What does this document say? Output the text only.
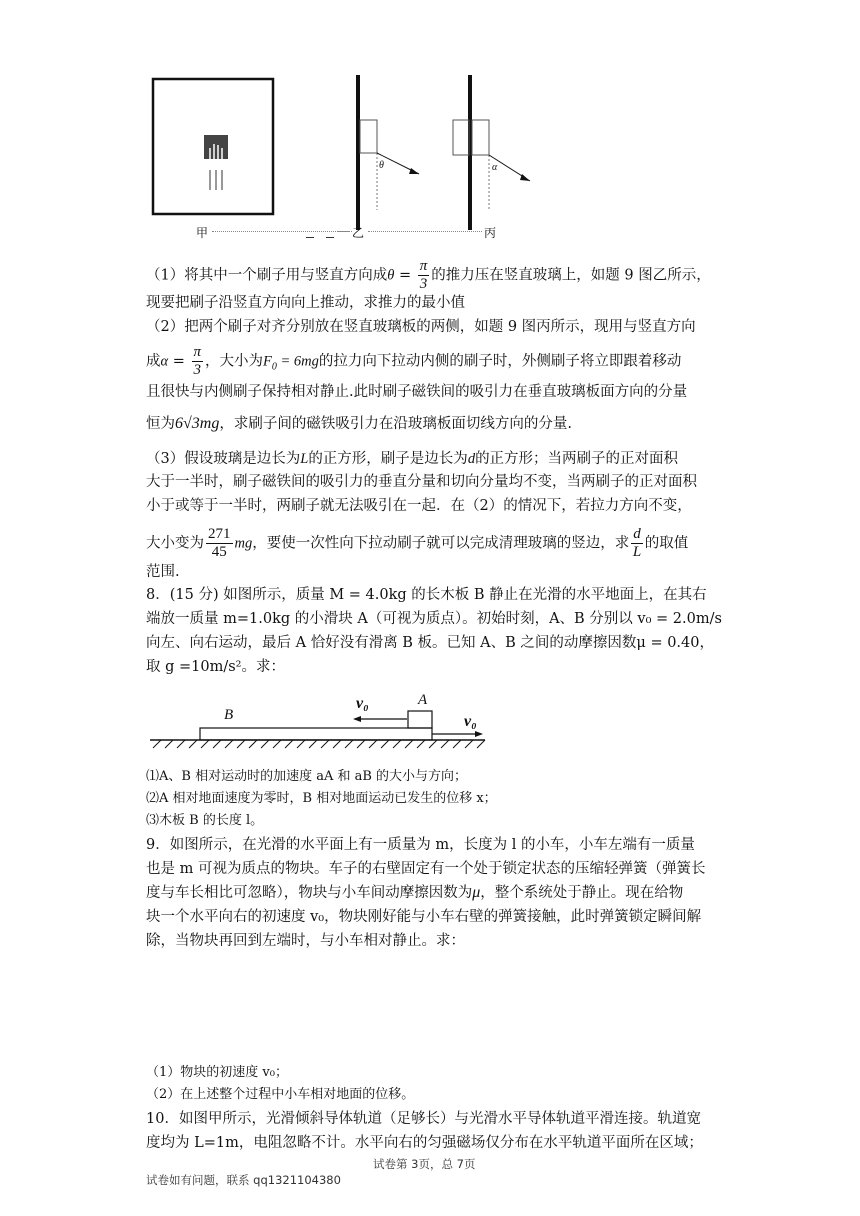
θ	α
甲	乙	丙
（1）将其中一个刷子用与竖直方向成$\theta = \frac{\pi}{3}$ 的推力压在竖直玻璃上，如题 9 图乙所示，
现要把刷子沿竖直方向向上推动，求推力的最小值
（2）把两个刷子对齐分别放在竖直玻璃板的两侧，如题 9 图丙所示，现用与竖直方向
成$\alpha = \frac{\pi}{3}$ ，大小为$F_0 = 6mg$的拉力向下拉动内侧的刷子时，外侧刷子将立即跟着移动
且很快与内侧刷子保持相对静止.此时刷子磁铁间的吸引力在垂直玻璃板面方向的分量
恒为6√3mg，求刷子间的磁铁吸引力在沿玻璃板面切线方向的分量.
（3）假设玻璃是边长为L的正方形，刷子是边长为d的正方形；当两刷子的正对面积
大于一半时，刷子磁铁间的吸引力的垂直分量和切向分量均不变，当两刷子的正对面积
小于或等于一半时，两刷子就无法吸引在一起．在（2）的情况下，若拉力方向不变，
大小变为 $\frac{271}{45}$ mg，要使一次性向下拉动刷子就可以完成清理玻璃的竖边，求 $\frac{d}{L}$ 的取值
范围.
8．(15 分) 如图所示，质量 M = 4.0kg 的长木板 B 静止在光滑的水平地面上，在其右
端放一质量 m=1.0kg 的小滑块 A（可视为质点）。初始时刻，A、B 分别以 v₀ = 2.0m/s
向左、向右运动，最后 A 恰好没有滑离 B 板。已知 A、B 之间的动摩擦因数μ = 0.40，
取 g =10m/s²。求：
B
A
v₀
v₀
⑴A、B 相对运动时的加速度 aA 和 aB 的大小与方向；
⑵A 相对地面速度为零时，B 相对地面运动已发生的位移 x；
⑶木板 B 的长度 l。
9．如图所示，在光滑的水平面上有一质量为 m，长度为 l 的小车，小车左端有一质量
也是 m 可视为质点的物块。车子的右壁固定有一个处于锁定状态的压缩轻弹簧（弹簧长
度与车长相比可忽略），物块与小车间动摩擦因数为μ，整个系统处于静止。现在给物
块一个水平向右的初速度 v₀，物块刚好能与小车右壁的弹簧接触，此时弹簧锁定瞬间解
除，当物块再回到左端时，与小车相对静止。求：
（1）物块的初速度 v₀；
（2）在上述整个过程中小车相对地面的位移。
10．如图甲所示，光滑倾斜导体轨道（足够长）与光滑水平导体轨道平滑连接。轨道宽
度均为 L=1m，电阻忽略不计。水平向右的匀强磁场仅分布在水平轨道平面所在区域；
试卷第 3页，总 7页
试卷如有问题，联系 qq1321104380
